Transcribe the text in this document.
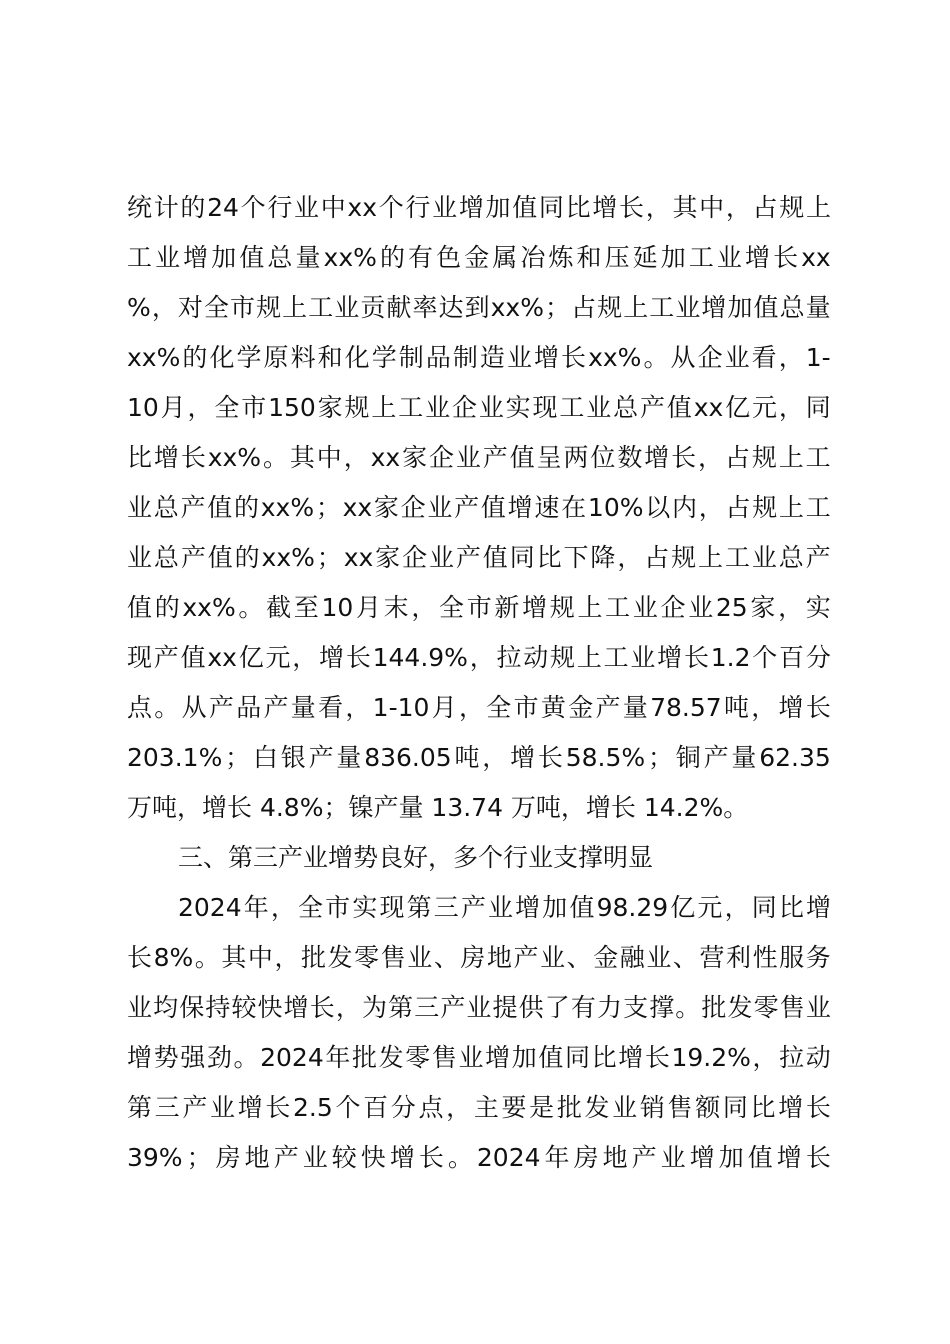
统 计 的 24 个 行 业 中 xx 个 行 业 增 加 值 同 比 增 长 ， 其 中 ， 占 规 上
工 业 增 加 值 总 量 xx% 的 有 色 金 属 冶 炼 和 压 延 加 工 业 增 长 xx
% ， 对 全 市 规 上 工 业 贡 献 率 达 到 xx% ； 占 规 上 工 业 增 加 值 总 量
xx% 的 化 学 原 料 和 化 学 制 品 制 造 业 增 长 xx% 。 从 企 业 看 ， 1-
10 月 ， 全 市 150 家 规 上 工 业 企 业 实 现 工 业 总 产 值 xx 亿 元 ， 同
比 增 长 xx% 。 其 中 ， xx 家 企 业 产 值 呈 两 位 数 增 长 ， 占 规 上 工
业 总 产 值 的 xx% ； xx 家 企 业 产 值 增 速 在 10% 以 内 ， 占 规 上 工
业 总 产 值 的 xx% ； xx 家 企 业 产 值 同 比 下 降 ， 占 规 上 工 业 总 产
值 的 xx% 。 截 至 10 月 末 ， 全 市 新 增 规 上 工 业 企 业 25 家 ， 实
现 产 值 xx 亿 元 ， 增 长 144.9% ， 拉 动 规 上 工 业 增 长 1.2 个 百 分
点 。 从 产 品 产 量 看 ， 1-10 月 ， 全 市 黄 金 产 量 78.57 吨 ， 增 长
203.1% ； 白 银 产 量 836.05 吨 ， 增 长 58.5% ； 铜 产 量 62.35
万吨，增长 4.8%；镍产量 13.74 万吨，增长 14.2%。
三、第三产业增势良好，多个行业支撑明显
2024 年 ， 全 市 实 现 第 三 产 业 增 加 值 98.29 亿 元 ， 同 比 增
长 8% 。 其 中 ， 批 发 零 售 业 、 房 地 产 业 、 金 融 业 、 营 利 性 服 务
业 均 保 持 较 快 增 长 ， 为 第 三 产 业 提 供 了 有 力 支 撑 。 批 发 零 售 业
增 势 强 劲 。 2024 年 批 发 零 售 业 增 加 值 同 比 增 长 19.2% ， 拉 动
第 三 产 业 增 长 2.5 个 百 分 点 ， 主 要 是 批 发 业 销 售 额 同 比 增 长
39% ； 房 地 产 业 较 快 增 长 。 2024 年 房 地 产 业 增 加 值 增 长
